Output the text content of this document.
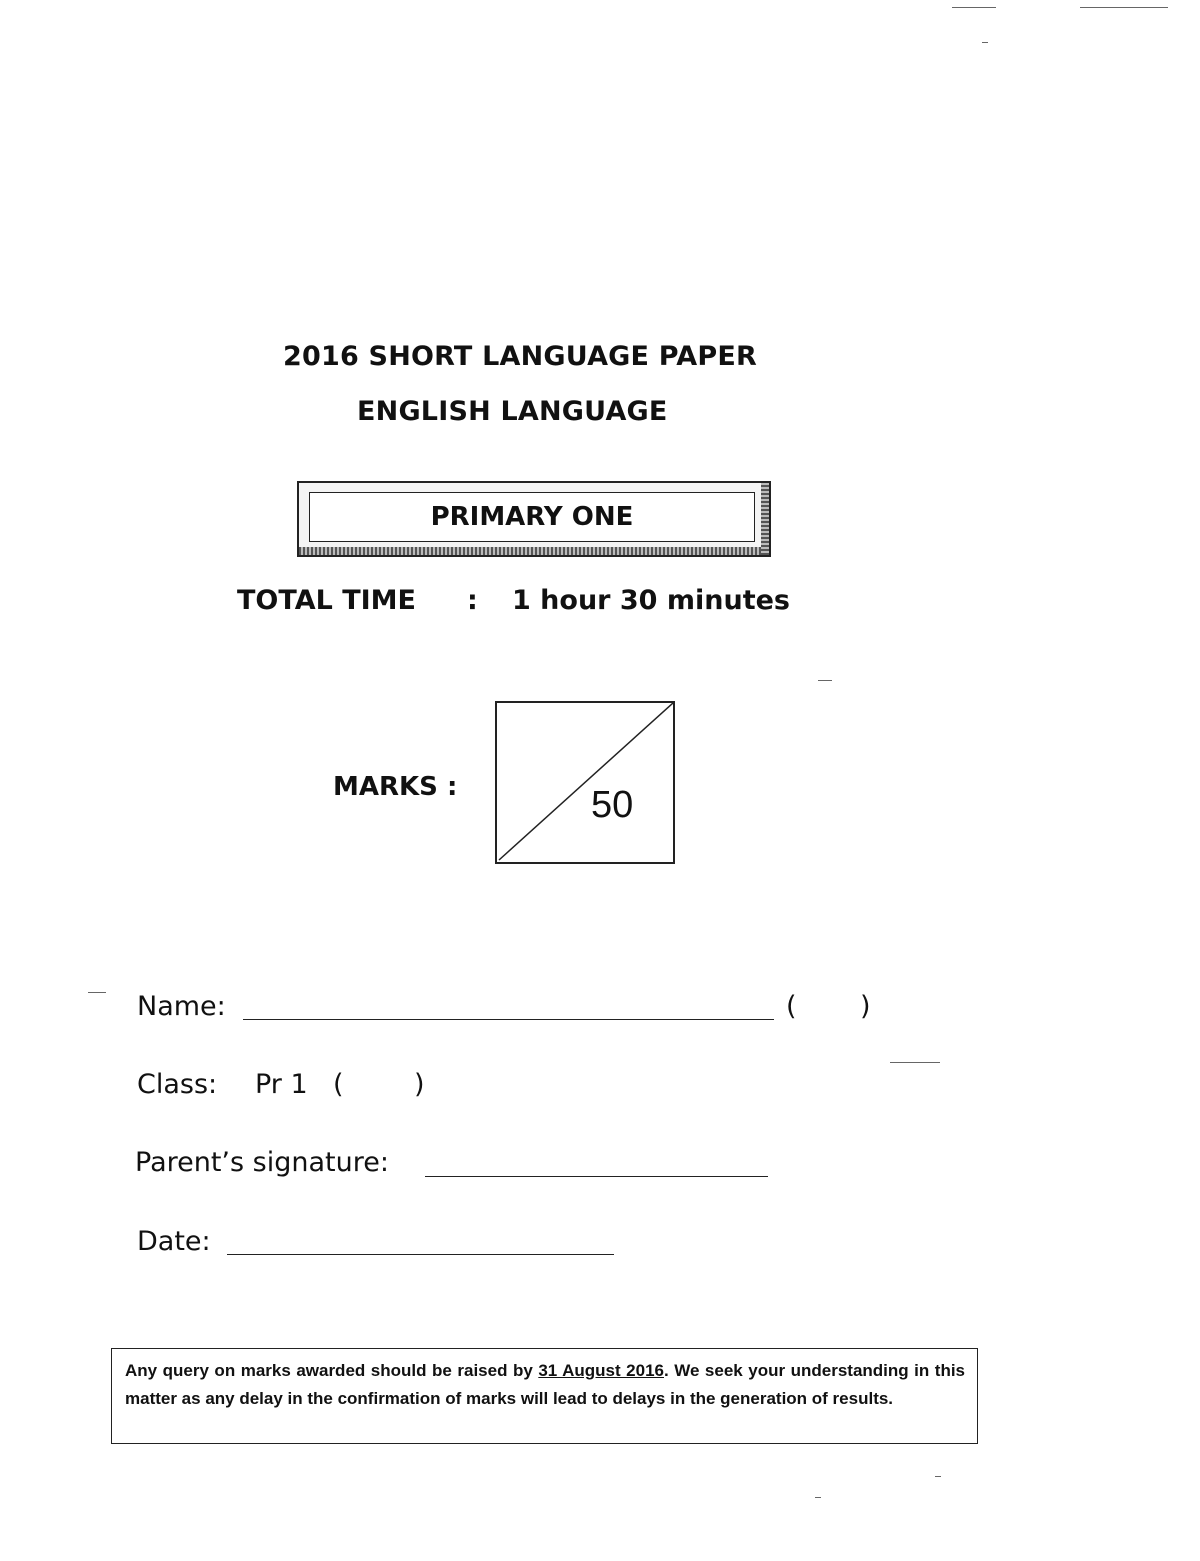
2016 SHORT LANGUAGE PAPER
ENGLISH LANGUAGE
PRIMARY ONE
TOTAL TIME : 1 hour 30 minutes
MARKS :	50
Name:	( )
Class: Pr 1 (	)
Parent’s signature:
Date:
Any query on marks awarded should be raised by 31 August 2016. We seek your understanding in this matter as any delay in the confirmation of marks will lead to delays in the generation of results.
